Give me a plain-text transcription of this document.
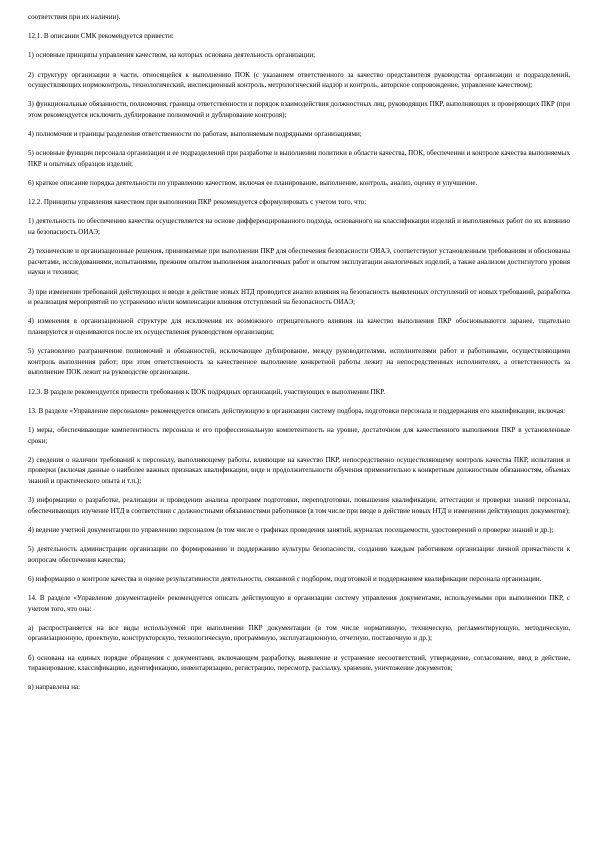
соответствия при их наличии).

12.1. В описании СМК рекомендуется привести:

1) основные принципы управления качеством, на которых основана деятельность организации;

2) структуру организации в части, относящейся к выполнению ПОК (с указанием ответственного за качество представителя руководства организации и подразделений, осуществляющих нормоконтроль, технологический, инспекционный контроль, метрологический надзор и контроль, авторское сопровождение, управление качеством);

3) функциональные обязанности, полномочия, границы ответственности и порядок взаимодействия должностных лиц, руководящих ПКР, выполняющих и проверяющих ПКР (при этом рекомендуется исключить дублирование полномочий и дублирование контроля);

4) полномочия и границы разделения ответственности по работам, выполняемым подрядными организациями;

5) основные функции персонала организации и ее подразделений при разработке и выполнении политики в области качества, ПОК, обеспечении и контроле качества выполняемых ПКР и опытных образцов изделий;

6) краткое описание порядка деятельности по управлению качеством, включая ее планирование, выполнение, контроль, анализ, оценку и улучшение.

12.2. Принципы управления качеством при выполнении ПКР рекомендуется сформулировать с учетом того, что:

1) деятельность по обеспечению качества осуществляется на основе дифференцированного подхода, основанного на классификации изделий и выполняемых работ по их влиянию на безопасность ОИАЭ;

2) технические и организационные решения, принимаемые при выполнении ПКР для обеспечения безопасности ОИАЭ, соответствуют установленным требованиям и обоснованы расчетами, исследованиями, испытаниями, прежним опытом выполнения аналогичных работ и опытом эксплуатации аналогичных изделий, а также анализом достигнутого уровня науки и техники;

3) при изменении требований действующих и вводе в действие новых НТД проводится анализ влияния на безопасность выявленных отступлений от новых требований, разработка и реализация мероприятий по устранению и/или компенсации влияния отступлений на безопасность ОИАЭ;

4) изменения в организационной структуре для исключения их возможного отрицательного влияния на качество выполнения ПКР обосновываются заранее, тщательно планируются и оцениваются после их осуществления руководством организации;

5) установлено разграничение полномочий и обязанностей, исключающее дублирование, между руководителями, исполнителями работ и работниками, осуществляющими контроль выполнения работ; при этом ответственность за качественное выполнение конкретной работы лежит на непосредственных исполнителях, а ответственность за выполнение ПОК лежит на руководстве организации.

12.3. В разделе рекомендуется привести требования к ПОК подрядных организаций, участвующих в выполнении ПКР.

13. В разделе «Управление персоналом» рекомендуется описать действующую в организации систему подбора, подготовки персонала и поддержания его квалификации, включая:

1) меры, обеспечивающие компетентность персонала и его профессиональную компетентность на уровне, достаточном для качественного выполнения ПКР в установленные сроки;

2) сведения о наличии требований к персоналу, выполняющему работы, влияющие на качество ПКР, непосредственно осуществляющему контроль качества ПКР, испытания и проверки (включая данные о наиболее важных признаках квалификации, виде и продолжительности обучения применительно к конкретным должностным обязанностям, объемах знаний и практического опыта и т.п.);

3) информацию о разработке, реализации и проведении анализа программ подготовки, переподготовки, повышения квалификации, аттестации и проверки знаний персонала, обеспечивающих изучение НТД в соответствии с должностными обязанностями работников (в том числе при вводе в действие новых НТД и изменении действующих документов);

4) ведение учетной документации по управлению персоналом (в том числе о графиках проведения занятий, журналах посещаемости, удостоверений о проверке знаний и др.);

5) деятельность администрации организации по формированию и поддержанию культуры безопасности, созданию каждым работником организации личной причастности к вопросам обеспечения качества;

6) информацию о контроле качества и оценке результативности деятельности, связанной с подбором, подготовкой и поддержанием квалификации персонала организации.

14. В разделе «Управление документацией» рекомендуется описать действующую в организации систему управления документами, используемыми при выполнении ПКР, с учетом того, что она:

а) распространяется на все виды используемой при выполнении ПКР документации (в том числе нормативную, техническую, регламентирующую, методическую, организационную, проектную, конструкторскую, технологическую, программную, эксплуатационную, отчетную, поставочную и др.);

б) основана на единых порядке обращения с документами, включающем разработку, выявление и устранение несоответствий, утверждение, согласование, ввод в действие, тиражирование, классификацию, идентификацию, инвентаризацию, регистрацию, пересмотр, рассылку, хранение, уничтожение документов;

в) направлена на:
